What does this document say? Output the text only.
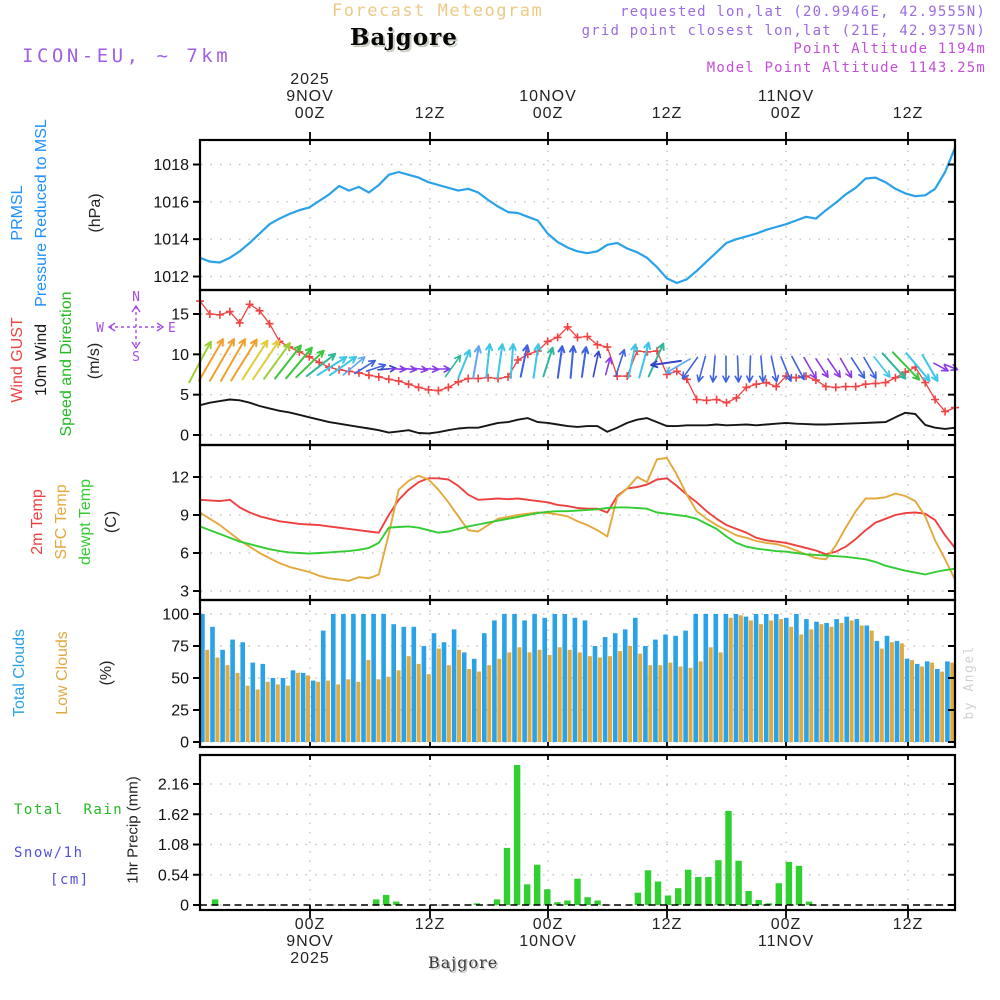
1012
1014
1016
1018
0
5
10
15
3
6
9
12
0
25
50
75
100
0
0.54
1.08
1.62
2.16
2025
9NOV
00Z	12Z
10NOV
00Z	12Z
11NOV
00Z	12Z
00Z
9NOV
2025
12Z	00Z
10NOV
12Z	00Z
11NOV
12Z
N
S
W	E
Forecast Meteogram
Bajgore
requested lon,lat (20.9946E, 42.9555N)
grid point closest lon,lat (21E, 42.9375N)
Point Altitude 1194m
Model Point Altitude 1143.25m
ICON-EU, ~ 7km
PRMSL Pressure Reduced to MSL (hPa)
Wind GUST 10m Wind Speed and Direction (m/s)
2m Temp SFC Temp dewpt Temp (C)
Total Clouds Low Clouds (%)
Total  Rain
Snow/1h
[cm] 1hr Precip (mm)
by Angel
Bajgore
